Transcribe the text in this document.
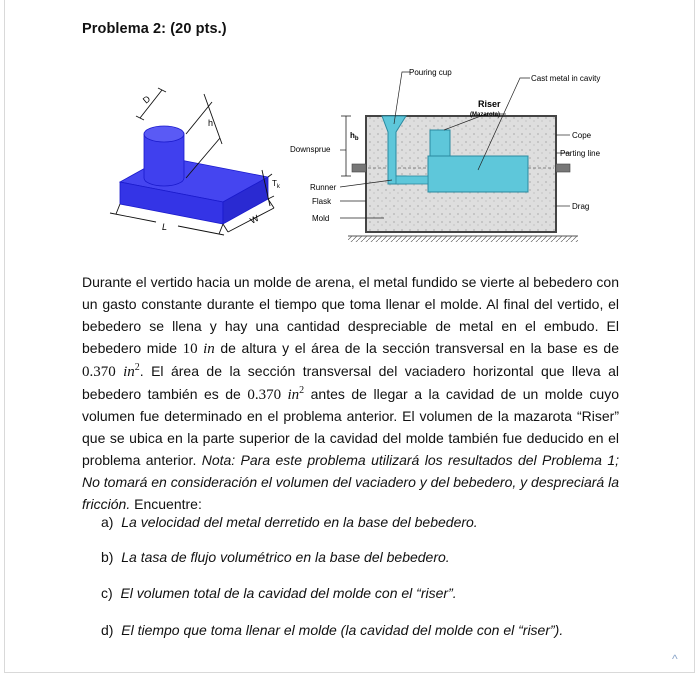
Problema 2: (20 pts.)
D
h
$T_k$
W
L
Pouring cup
Cast metal in cavity
Riser
(Mazarota)
$h_b$
Downsprue
Cope
Parting line
Runner
Flask
Drag
Mold
Durante el vertido hacia un molde de arena, el metal fundido se vierte al bebedero con un gasto constante durante el tiempo que toma llenar el molde. Al final del vertido, el bebedero se llena y hay una cantidad despreciable de metal en el embudo. El bebedero mide 10 in de altura y el área de la sección transversal en la base es de 0.370 $in^2$. El área de la sección transversal del vaciadero horizontal que lleva al bebedero también es de 0.370 $in^2$ antes de llegar a la cavidad de un molde cuyo volumen fue determinado en el problema anterior. El volumen de la mazarota “Riser” que se ubica en la parte superior de la cavidad del molde también fue deducido en el problema anterior. Nota: Para este problema utilizará los resultados del Problema 1; No tomará en consideración el volumen del vaciadero y del bebedero, y despreciará la fricción. Encuentre:
a) La velocidad del metal derretido en la base del bebedero.
b) La tasa de flujo volumétrico en la base del bebedero.
c) El volumen total de la cavidad del molde con el “riser”.
d) El tiempo que toma llenar el molde (la cavidad del molde con el “riser”).
^
